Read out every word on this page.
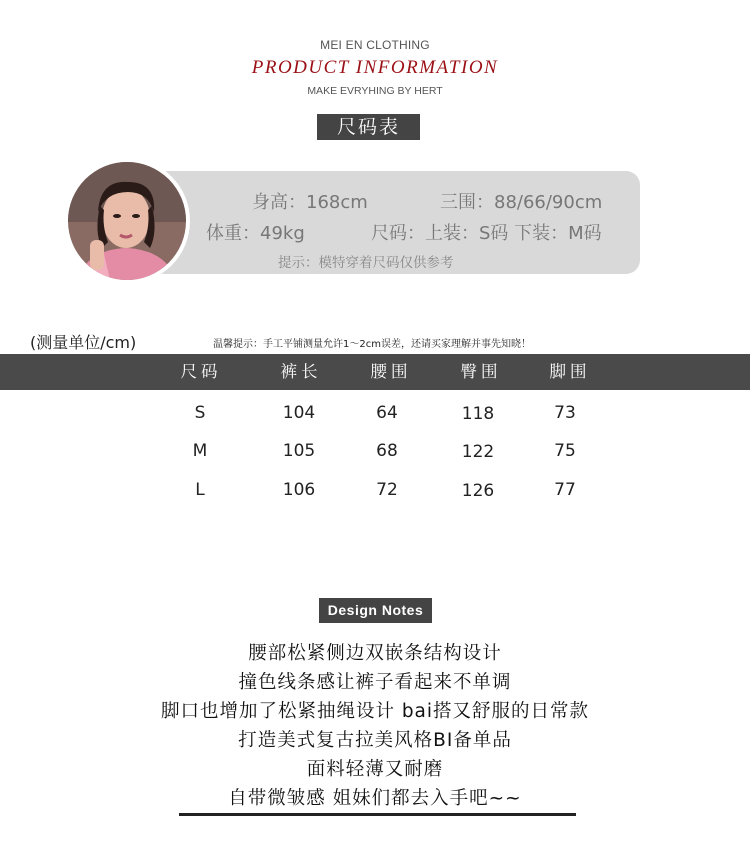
MEI EN CLOTHING
PRODUCT INFORMATION
MAKE EVRYHING BY HERT
尺码表
身高：168cm	三围：88/66/90cm
体重：49kg	尺码：上装：S码 下装：M码
提示：模特穿着尺码仅供参考
(测量单位/cm)	温馨提示：手工平铺测量允许1～2cm误差，还请买家理解并事先知晓！
尺码	裤长	腰围	臀围	脚围
S	104	64	118	73
M	105	68	122	75
L	106	72	126	77
Design Notes
腰部松紧侧边双嵌条结构设计
撞色线条感让裤子看起来不单调
脚口也增加了松紧抽绳设计 bai搭又舒服的日常款
打造美式复古拉美风格BI备单品
面料轻薄又耐磨
自带微皱感 姐妹们都去入手吧~~
